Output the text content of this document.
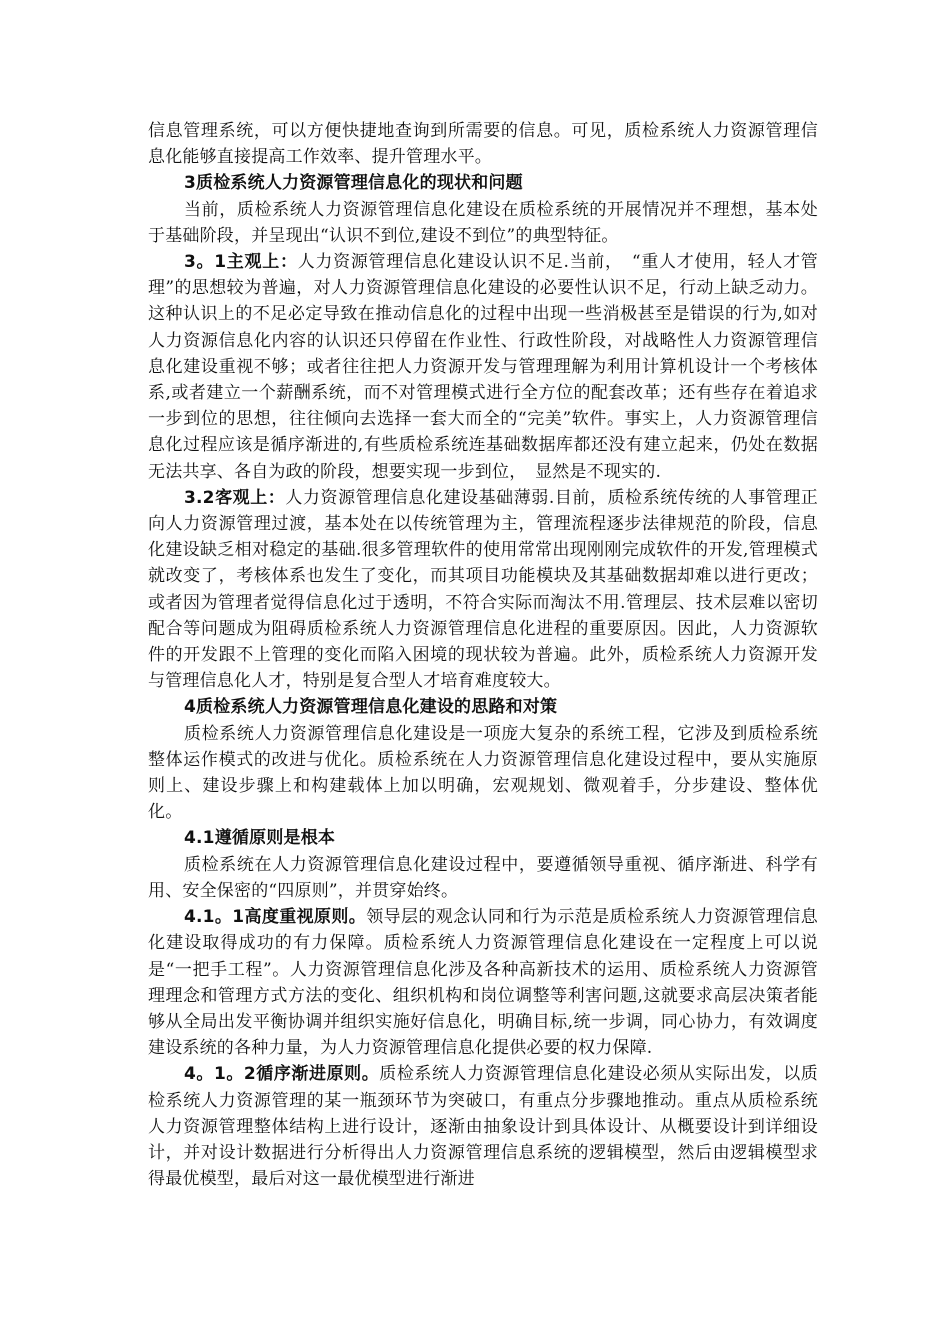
信息管理系统，可以方便快捷地查询到所需要的信息。可见，质检系统人力资源管理信息化能够直接提高工作效率、提升管理水平。

3质检系统人力资源管理信息化的现状和问题

当前，质检系统人力资源管理信息化建设在质检系统的开展情况并不理想，基本处于基础阶段，并呈现出“认识不到位,建设不到位”的典型特征。

3。1主观上：人力资源管理信息化建设认识不足.当前，　“重人才使用，轻人才管理”的思想较为普遍，对人力资源管理信息化建设的必要性认识不足，行动上缺乏动力。这种认识上的不足必定导致在推动信息化的过程中出现一些消极甚至是错误的行为,如对人力资源信息化内容的认识还只停留在作业性、行政性阶段，对战略性人力资源管理信息化建设重视不够；或者往往把人力资源开发与管理理解为利用计算机设计一个考核体系,或者建立一个薪酬系统，而不对管理模式进行全方位的配套改革；还有些存在着追求一步到位的思想，往往倾向去选择一套大而全的“完美”软件。事实上，人力资源管理信息化过程应该是循序渐进的,有些质检系统连基础数据库都还没有建立起来，仍处在数据无法共享、各自为政的阶段，想要实现一步到位，　显然是不现实的.

3.2客观上：人力资源管理信息化建设基础薄弱.目前，质检系统传统的人事管理正向人力资源管理过渡，基本处在以传统管理为主，管理流程逐步法律规范的阶段，信息化建设缺乏相对稳定的基础.很多管理软件的使用常常出现刚刚完成软件的开发,管理模式就改变了，考核体系也发生了变化，而其项目功能模块及其基础数据却难以进行更改；或者因为管理者觉得信息化过于透明，不符合实际而淘汰不用.管理层、技术层难以密切配合等问题成为阻碍质检系统人力资源管理信息化进程的重要原因。因此，人力资源软件的开发跟不上管理的变化而陷入困境的现状较为普遍。此外，质检系统人力资源开发与管理信息化人才，特别是复合型人才培育难度较大。

4质检系统人力资源管理信息化建设的思路和对策

质检系统人力资源管理信息化建设是一项庞大复杂的系统工程，它涉及到质检系统整体运作模式的改进与优化。质检系统在人力资源管理信息化建设过程中，要从实施原则上、建设步骤上和构建载体上加以明确，宏观规划、微观着手，分步建设、整体优化。

4.1遵循原则是根本

质检系统在人力资源管理信息化建设过程中，要遵循领导重视、循序渐进、科学有用、安全保密的“四原则”，并贯穿始终。

4.1。1高度重视原则。领导层的观念认同和行为示范是质检系统人力资源管理信息化建设取得成功的有力保障。质检系统人力资源管理信息化建设在一定程度上可以说是“一把手工程”。人力资源管理信息化涉及各种高新技术的运用、质检系统人力资源管理理念和管理方式方法的变化、组织机构和岗位调整等利害问题,这就要求高层决策者能够从全局出发平衡协调并组织实施好信息化，明确目标,统一步调，同心协力，有效调度建设系统的各种力量，为人力资源管理信息化提供必要的权力保障.

4。1。2循序渐进原则。质检系统人力资源管理信息化建设必须从实际出发，以质检系统人力资源管理的某一瓶颈环节为突破口，有重点分步骤地推动。重点从质检系统人力资源管理整体结构上进行设计，逐渐由抽象设计到具体设计、从概要设计到详细设计，并对设计数据进行分析得出人力资源管理信息系统的逻辑模型，然后由逻辑模型求得最优模型，最后对这一最优模型进行渐进
